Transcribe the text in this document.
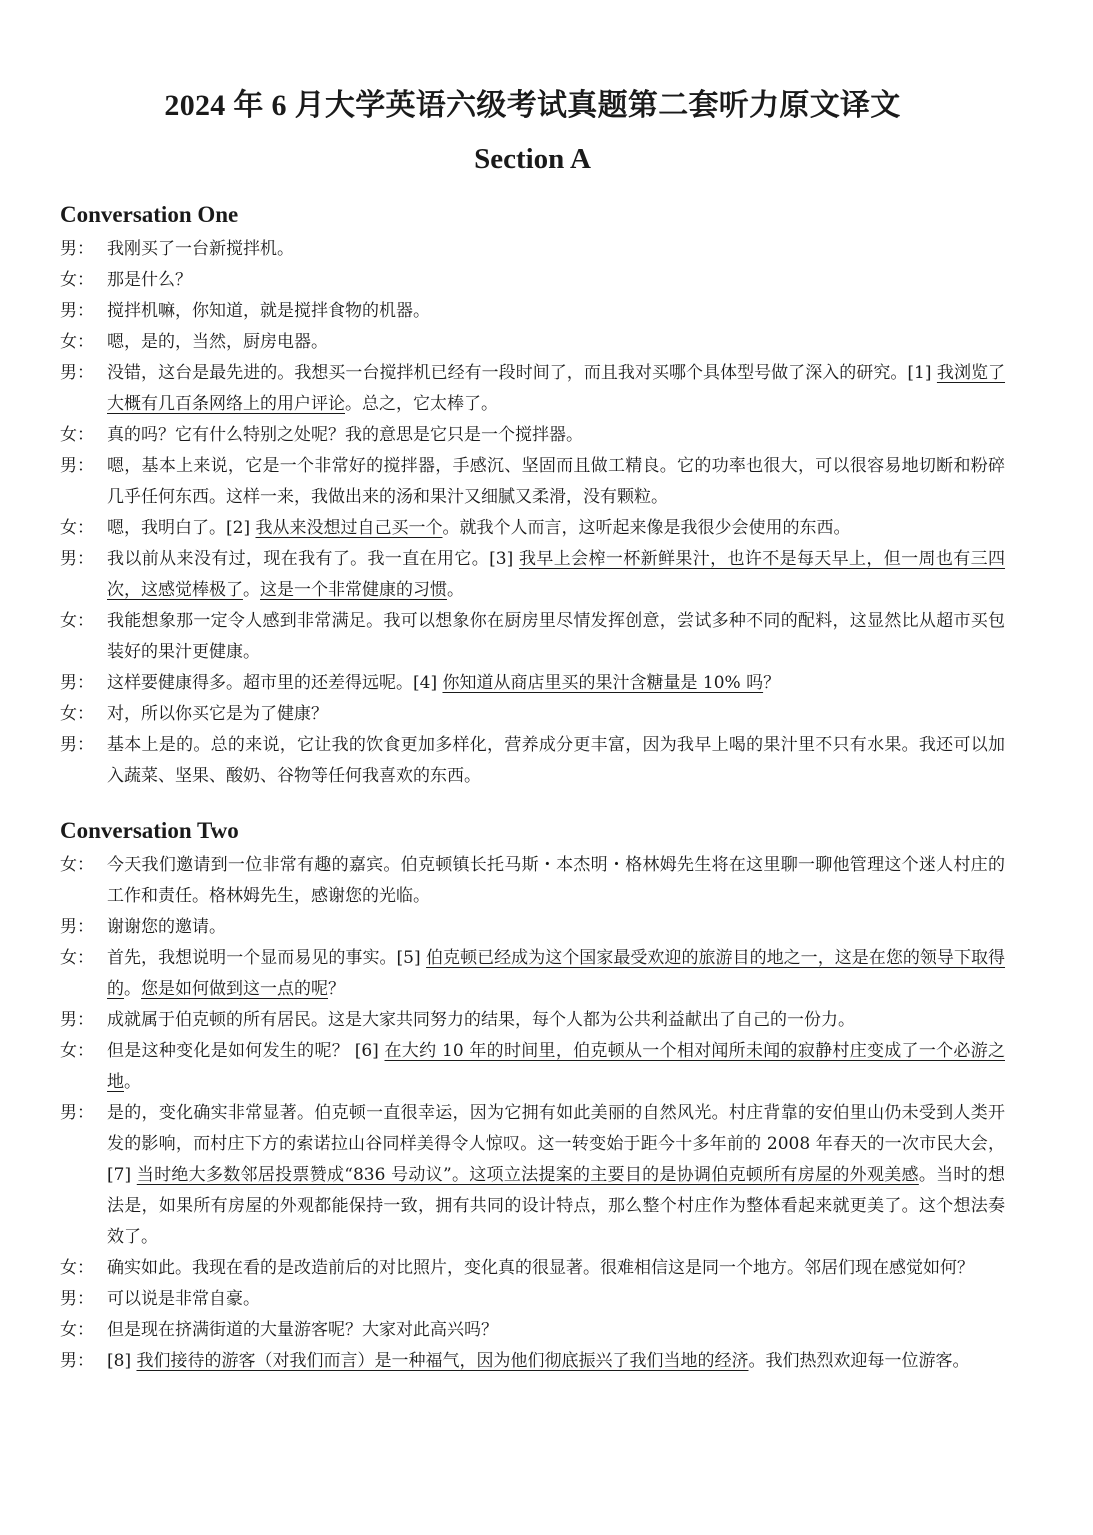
2024 年 6 月大学英语六级考试真题第二套听力原文译文
Section A
Conversation One
男： 我刚买了一台新搅拌机。
女： 那是什么？
男： 搅拌机嘛，你知道，就是搅拌食物的机器。
女： 嗯，是的，当然，厨房电器。
男： 没错，这台是最先进的。我想买一台搅拌机已经有一段时间了，而且我对买哪个具体型号做了深入的研究。[1] 我浏览了大概有几百条网络上的用户评论。总之，它太棒了。
女： 真的吗？它有什么特别之处呢？我的意思是它只是一个搅拌器。
男： 嗯，基本上来说，它是一个非常好的搅拌器，手感沉、坚固而且做工精良。它的功率也很大，可以很容易地切断和粉碎几乎任何东西。这样一来，我做出来的汤和果汁又细腻又柔滑，没有颗粒。
女： 嗯，我明白了。[2] 我从来没想过自己买一个。就我个人而言，这听起来像是我很少会使用的东西。
男： 我以前从来没有过，现在我有了。我一直在用它。[3] 我早上会榨一杯新鲜果汁，也许不是每天早上，但一周也有三四次，这感觉棒极了。这是一个非常健康的习惯。
女： 我能想象那一定令人感到非常满足。我可以想象你在厨房里尽情发挥创意，尝试多种不同的配料，这显然比从超市买包装好的果汁更健康。
男： 这样要健康得多。超市里的还差得远呢。[4] 你知道从商店里买的果汁含糖量是 10% 吗？
女： 对，所以你买它是为了健康？
男： 基本上是的。总的来说，它让我的饮食更加多样化，营养成分更丰富，因为我早上喝的果汁里不只有水果。我还可以加入蔬菜、坚果、酸奶、谷物等任何我喜欢的东西。
Conversation Two
女： 今天我们邀请到一位非常有趣的嘉宾。伯克顿镇长托马斯・本杰明・格林姆先生将在这里聊一聊他管理这个迷人村庄的工作和责任。格林姆先生，感谢您的光临。
男： 谢谢您的邀请。
女： 首先，我想说明一个显而易见的事实。[5] 伯克顿已经成为这个国家最受欢迎的旅游目的地之一，这是在您的领导下取得的。您是如何做到这一点的呢？
男： 成就属于伯克顿的所有居民。这是大家共同努力的结果，每个人都为公共利益献出了自己的一份力。
女： 但是这种变化是如何发生的呢？ [6] 在大约 10 年的时间里，伯克顿从一个相对闻所未闻的寂静村庄变成了一个必游之地。
男： 是的，变化确实非常显著。伯克顿一直很幸运，因为它拥有如此美丽的自然风光。村庄背靠的安伯里山仍未受到人类开发的影响，而村庄下方的索诺拉山谷同样美得令人惊叹。这一转变始于距今十多年前的 2008 年春天的一次市民大会，[7] 当时绝大多数邻居投票赞成“836 号动议”。这项立法提案的主要目的是协调伯克顿所有房屋的外观美感。当时的想法是，如果所有房屋的外观都能保持一致，拥有共同的设计特点，那么整个村庄作为整体看起来就更美了。这个想法奏效了。
女： 确实如此。我现在看的是改造前后的对比照片，变化真的很显著。很难相信这是同一个地方。邻居们现在感觉如何？
男： 可以说是非常自豪。
女： 但是现在挤满街道的大量游客呢？大家对此高兴吗？
男： [8] 我们接待的游客（对我们而言）是一种福气，因为他们彻底振兴了我们当地的经济。我们热烈欢迎每一位游客。
